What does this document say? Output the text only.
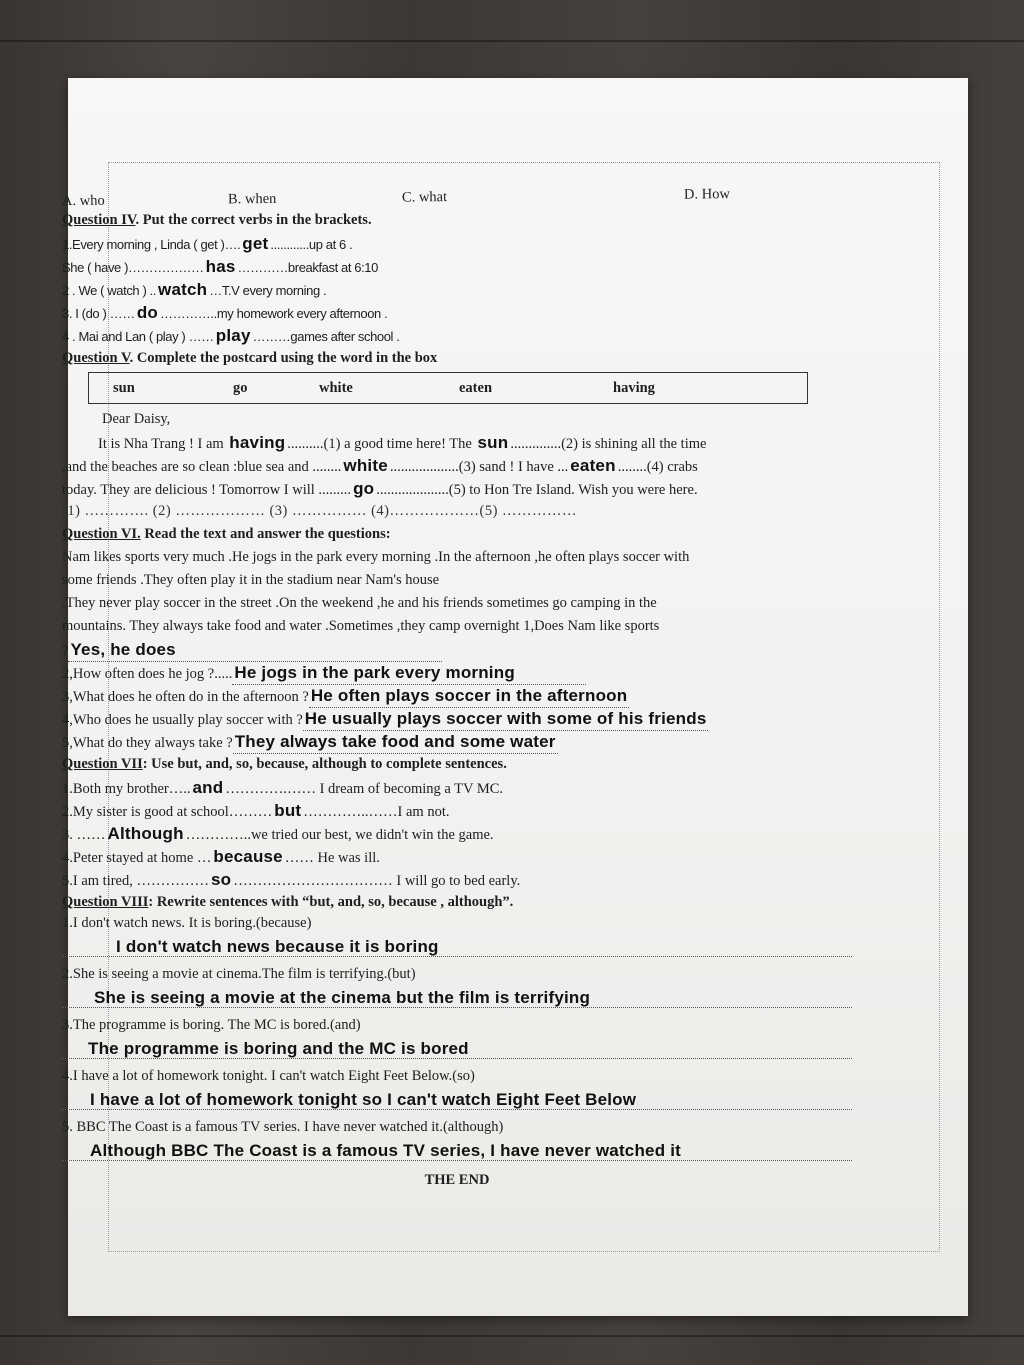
A. who	B. when	C. what	D. How
Question IV. Put the correct verbs in the brackets.
1.Every morning , Linda ( get )…. get ............up at 6 .
She ( have )……………… has …………breakfast at 6:10
2 . We ( watch ) .. watch …T.V every morning .
3. I (do ) …… do …………..my homework every afternoon .
4 . Mai and Lan ( play ) …… play ………games after school .
Question V. Complete the postcard using the word in the box
sun	go	white	eaten	having
Dear Daisy,
It is Nha Trang ! I am having ..........(1) a good time here! The sun ..............(2) is shining all the time
,and the beaches are so clean :blue sea and ........ white ...................(3) sand ! I have ... eaten ........(4) crabs
today. They are delicious ! Tomorrow I will ......... go ....................(5) to Hon Tre Island. Wish you were here.
(1) …………. (2) ……………… (3) …………… (4)………………(5) ……………
Question VI. Read the text and answer the questions:
Nam likes sports very much .He jogs in the park every morning .In the afternoon ,he often plays soccer with
some friends .They often play it in the stadium near Nam's house
.They never play soccer in the street .On the weekend ,he and his friends sometimes go camping in the
mountains. They always take food and water .Sometimes ,they camp overnight 1,Does Nam like sports
? Yes, he does
2,How often does he jog ?..... He jogs in the park every morning
3,What does he often do in the afternoon ? He often plays soccer in the afternoon
4,Who does he usually play soccer with ? He usually plays soccer with some of his friends
5,What do they always take ? They always take food and some water
Question VII: Use but, and, so, because, although to complete sentences.
1.Both my brother….. and ………….…… I dream of becoming a TV MC.
2.My sister is good at school……… but …………..……I am not.
3. …… Although …………..we tried our best, we didn't win the game.
4.Peter stayed at home … because …… He was ill.
5.I am tired, …………… so …………………………… I will go to bed early.
Question VIII: Rewrite sentences with “but, and, so, because , although”.
1.I don't watch news. It is boring.(because)
I don't watch news because it is boring
2.She is seeing a movie at cinema.The film is terrifying.(but)
She is seeing a movie at the cinema but the film is terrifying
3.The programme is boring. The MC is bored.(and)
The programme is boring and the MC is bored
4.I have a lot of homework tonight. I can't watch Eight Feet Below.(so)
I have a lot of homework tonight so I can't watch Eight Feet Below
5. BBC The Coast is a famous TV series. I have never watched it.(although)
Although BBC The Coast is a famous TV series, I have never watched it
THE END
